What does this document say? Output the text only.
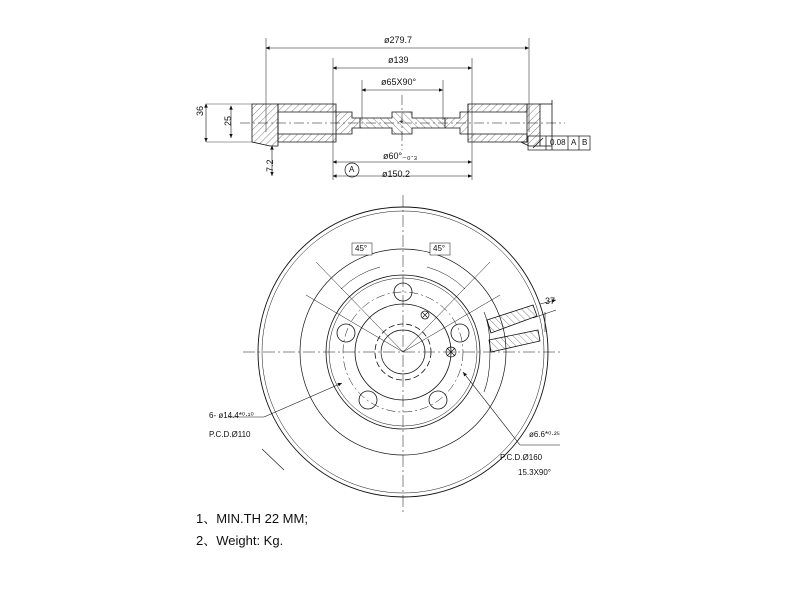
ø279.7
ø139
ø65X90°
ø60°₋₀·₃
ø150.2
36
25
7.2	A
0.08 A B
⌖
45°	45°
37
6- ø14.4*⁰·¹⁰
P.C.D.Ø110	ø6.6*⁰·²⁵
P.C.D.Ø160
15.3X90°
1、MIN.TH 22 MM;
2、Weight: Kg.
